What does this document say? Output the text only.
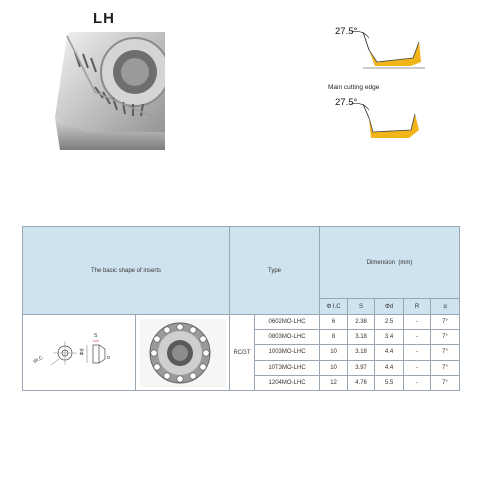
LH
27.5°
Main cutting edge
27.5°
The basic shape of inserts		Type		Dimension  (mm)				
				Φ I.C	S	Φd	R	α

ΦI.C
Φd
S
α		RCGT	0602MO-LHC	6	2.38	2.5	-	7°
			0803MO-LHC	8	3.18	3.4	-	7°
			1003MO-LHC	10	3.18	4.4	-	7°
			10T3MO-LHC	10	3.97	4.4	-	7°
			1204MO-LHC	12	4.76	5.5	-	7°
